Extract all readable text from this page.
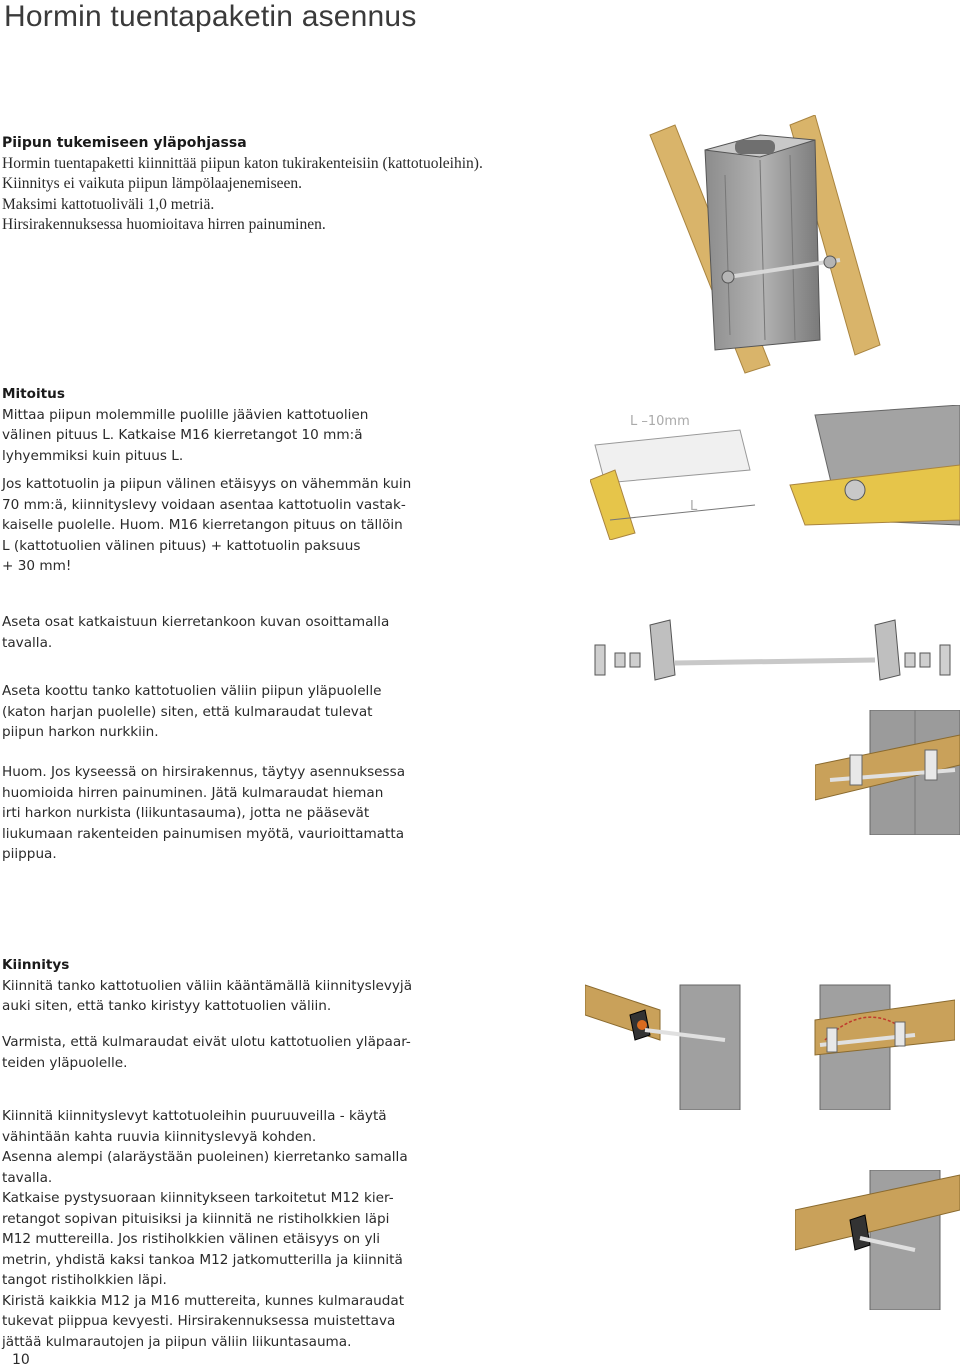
Hormin tuentapaketin asennus

Piipun tukemiseen yläpohjassa

Hormin tuentapaketti kiinnittää piipun katon tukirakenteisiin (kattotuoleihin).

Kiinnitys ei vaikuta piipun lämpölaajenemiseen.

Maksimi kattotuoliväli 1,0 metriä.

Hirsirakennuksessa huomioitava hirren painuminen.

Mitoitus

Mittaa piipun molemmille puolille jäävien kattotuolien

välinen pituus L. Katkaise M16 kierretangot 10 mm:ä

lyhyemmiksi kuin pituus L.

Jos kattotuolin ja piipun välinen etäisyys on vähemmän kuin

70 mm:ä, kiinnityslevy voidaan asentaa kattotuolin vastak-

kaiselle puolelle. Huom. M16 kierretangon pituus on tällöin

L (kattotuolien välinen pituus) + kattotuolin paksuus

+ 30 mm!

Aseta osat katkaistuun kierretankoon kuvan osoittamalla

tavalla.

Aseta koottu tanko kattotuolien väliin piipun yläpuolelle

(katon harjan puolelle) siten, että kulmaraudat tulevat

piipun harkon nurkkiin.

Huom. Jos kyseessä on hirsirakennus, täytyy asennuksessa

huomioida hirren painuminen. Jätä kulmaraudat hieman

irti harkon nurkista (liikuntasauma), jotta ne pääsevät

liukumaan rakenteiden painumisen myötä, vaurioittamatta

piippua.

Kiinnitys

Kiinnitä tanko kattotuolien väliin kääntämällä kiinnityslevyjä

auki siten, että tanko kiristyy kattotuolien väliin.

Varmista, että kulmaraudat eivät ulotu kattotuolien yläpaar-

teiden yläpuolelle.

Kiinnitä kiinnityslevyt kattotuoleihin puuruuveilla - käytä

vähintään kahta ruuvia kiinnityslevyä kohden.

Asenna alempi (alaräystään puoleinen) kierretanko samalla

tavalla.

Katkaise pystysuoraan kiinnitykseen tarkoitetut M12 kier-

retangot sopivan pituisiksi ja kiinnitä ne ristiholkkien läpi

M12 muttereilla. Jos ristiholkkien välinen etäisyys on yli

metrin, yhdistä kaksi tankoa M12 jatkomutterilla ja kiinnitä

tangot ristiholkkien läpi.

Kiristä kaikkia M12 ja M16 muttereita, kunnes kulmaraudat

tukevat piippua kevyesti. Hirsirakennuksessa muistettava

jättää kulmarautojen ja piipun väliin liikuntasauma.

10
L –10mm
L
